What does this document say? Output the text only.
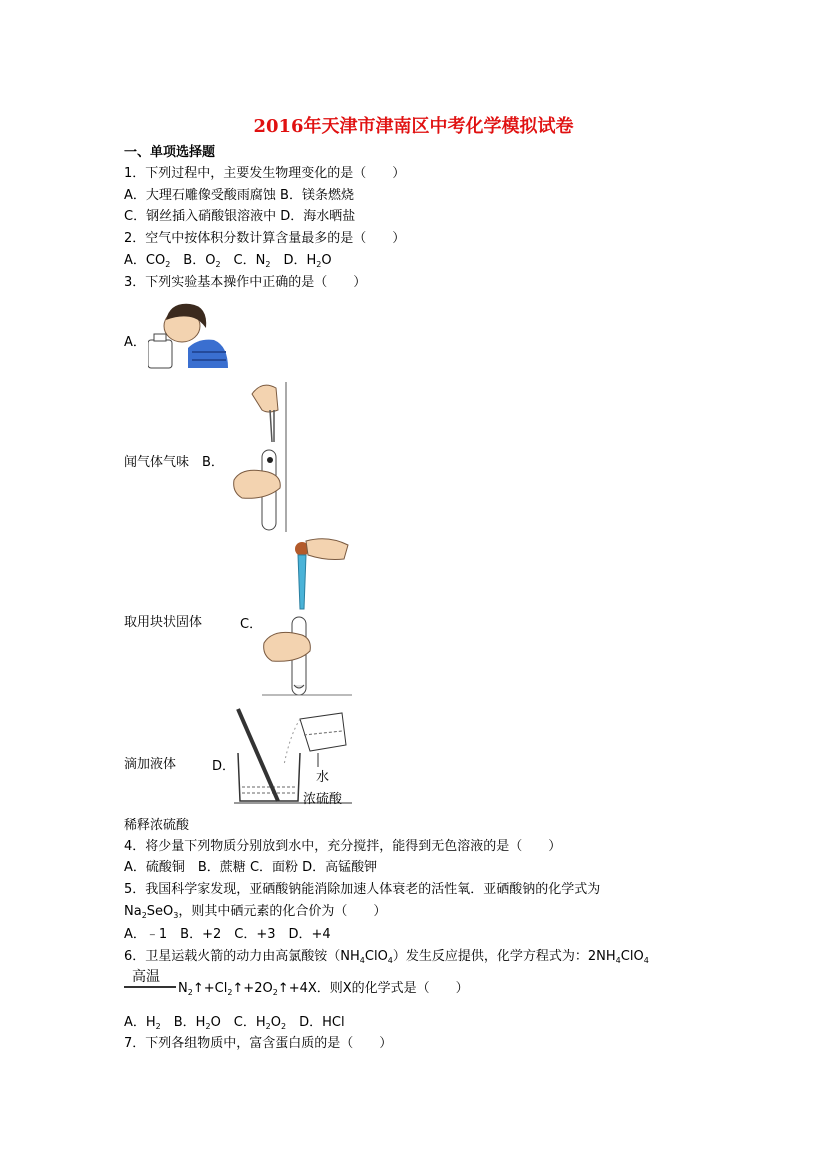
2016年天津市津南区中考化学模拟试卷
一、单项选择题
1．下列过程中，主要发生物理变化的是（　　）
A．大理石雕像受酸雨腐蚀 B．镁条燃烧
C．钢丝插入硝酸银溶液中 D．海水晒盐
2．空气中按体积分数计算含量最多的是（　　）
A．$CO_2$　B．$O_2$　C．$N_2$　D．$H_2O$
3．下列实验基本操作中正确的是（　　）
A．
闻气体气味　B．
取用块状固体	C．
滴加液体	D．
水
浓硫酸
稀释浓硫酸
4．将少量下列物质分别放到水中，充分搅拌，能得到无色溶液的是（　　）
A．硫酸铜　B．蔗糖 C．面粉 D．高锰酸钾
5．我国科学家发现，亚硒酸钠能消除加速人体衰老的活性氧．亚硒酸钠的化学式为
$Na_2SeO_3$，则其中硒元素的化合价为（　　）
A．﹣1　B．+2　C．+3　D．+4
6．卫星运载火箭的动力由高氯酸铵$(NH_4ClO_4)$发生反应提供，化学方程式为：$2NH_4ClO_4$
高温
$N_2↑+Cl_2↑+2O_2↑+4X$．则X的化学式是（　　）
A．$H_2$　B．$H_2O$　C．$H_2O_2$　D．HCl
7．下列各组物质中，富含蛋白质的是（　　）
